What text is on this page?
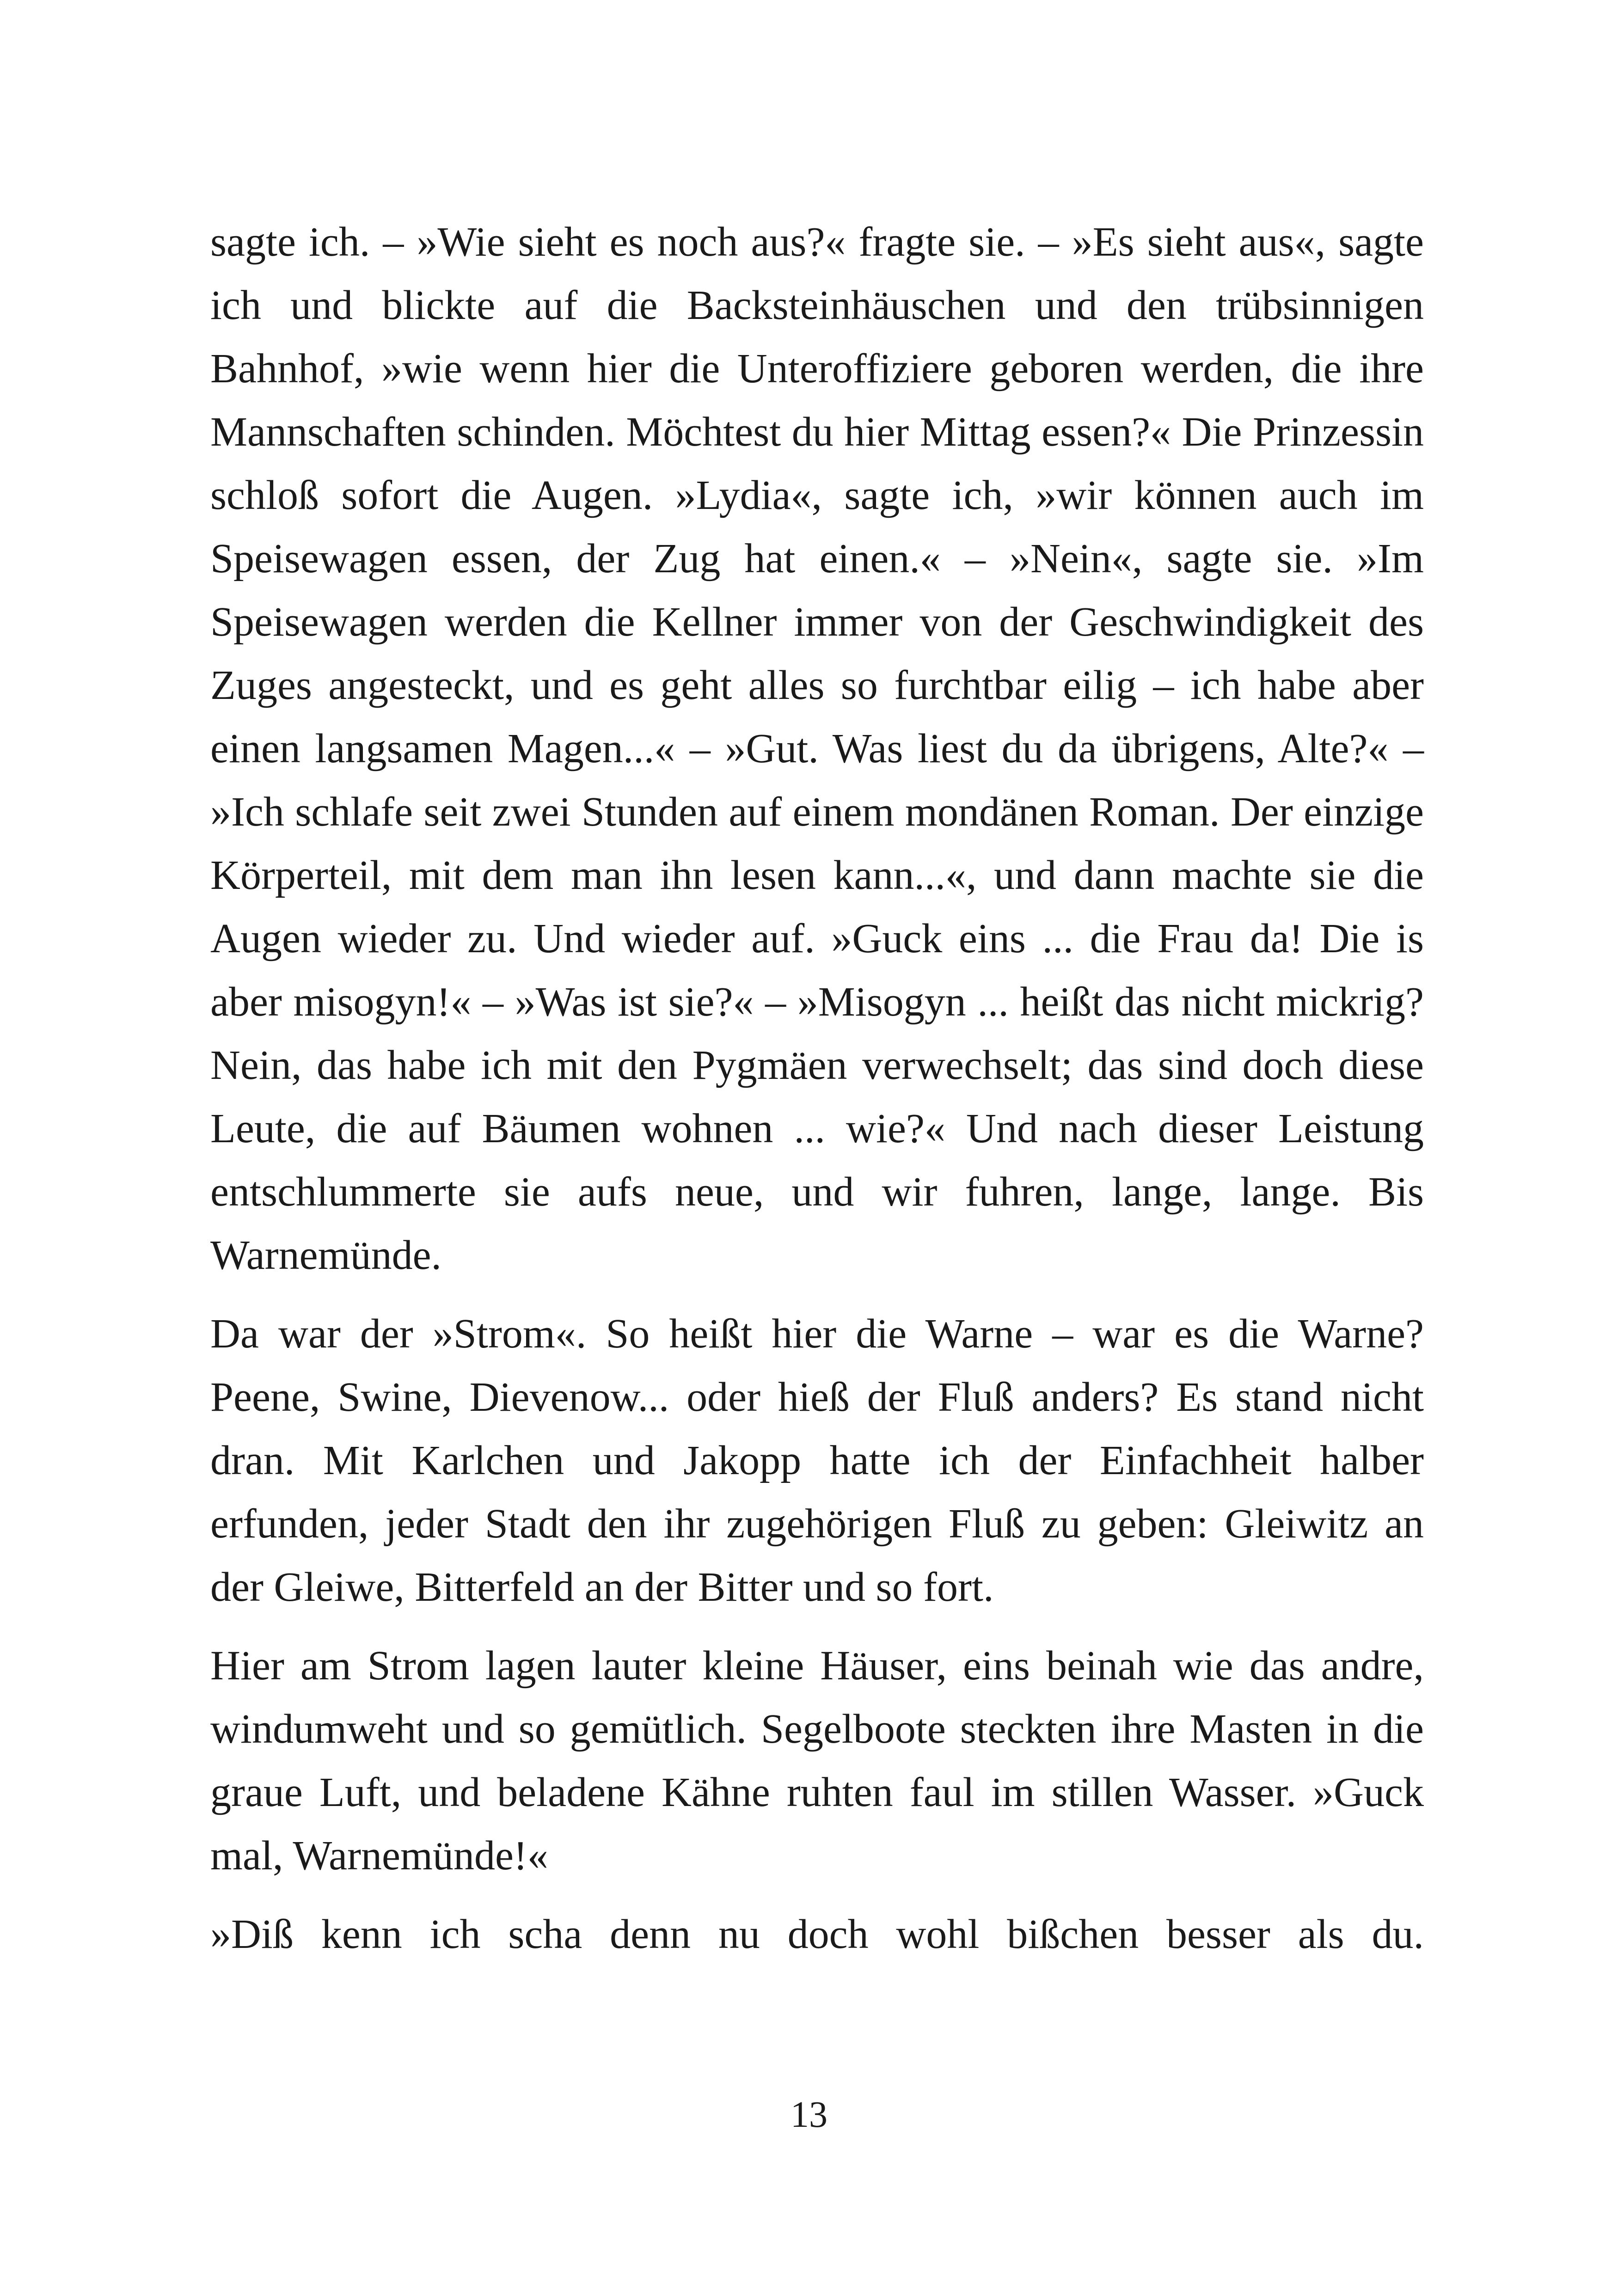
sagte ich. – »Wie sieht es noch aus?« fragte sie. – »Es sieht aus«, sagte ich und blickte auf die Backsteinhäuschen und den trübsinnigen Bahnhof, »wie wenn hier die Unteroffiziere geboren werden, die ihre Mannschaften schinden. Möchtest du hier Mittag essen?« Die Prinzessin schloß sofort die Augen. »Lydia«, sagte ich, »wir können auch im Speisewagen essen, der Zug hat einen.« – »Nein«, sagte sie. »Im Speisewagen werden die Kellner immer von der Geschwindigkeit des Zuges angesteckt, und es geht alles so furchtbar eilig – ich habe aber einen langsamen Magen...« – »Gut. Was liest du da übrigens, Alte?« – »Ich schlafe seit zwei Stunden auf einem mondänen Roman. Der einzige Körperteil, mit dem man ihn lesen kann...«, und dann machte sie die Augen wieder zu. Und wieder auf. »Guck eins ... die Frau da! Die is aber misogyn!« – »Was ist sie?« – »Misogyn ... heißt das nicht mickrig? Nein, das habe ich mit den Pygmäen verwechselt; das sind doch diese Leute, die auf Bäumen wohnen ... wie?« Und nach dieser Leistung entschlummerte sie aufs neue, und wir fuhren, lange, lange. Bis Warnemünde.

Da war der »Strom«. So heißt hier die Warne – war es die Warne? Peene, Swine, Dievenow... oder hieß der Fluß anders? Es stand nicht dran. Mit Karlchen und Jakopp hatte ich der Einfachheit halber erfunden, jeder Stadt den ihr zugehörigen Fluß zu geben: Gleiwitz an der Gleiwe, Bitterfeld an der Bitter und so fort.

Hier am Strom lagen lauter kleine Häuser, eins beinah wie das andre, windumweht und so gemütlich. Segelboote steckten ihre Masten in die graue Luft, und beladene Kähne ruhten faul im stillen Wasser. »Guck mal, Warnemünde!«

»Diß kenn ich scha denn nu doch wohl bißchen besser als du.

13
